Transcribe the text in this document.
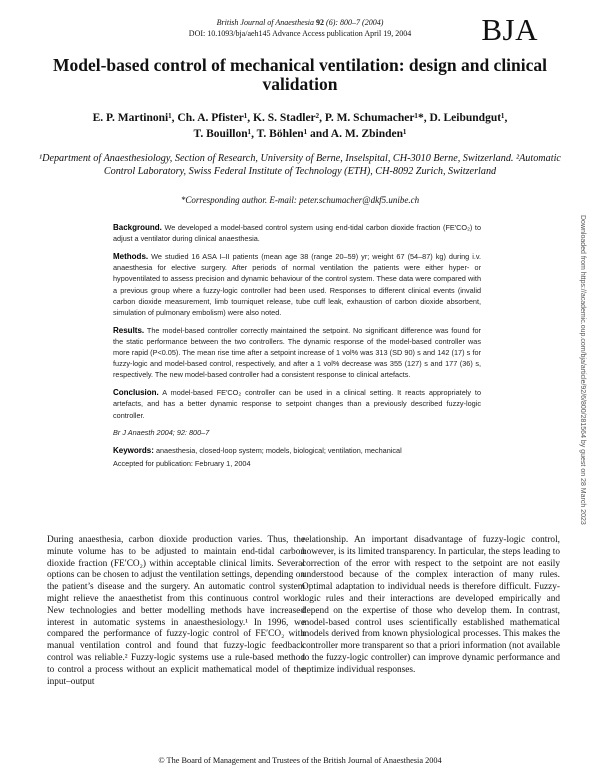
British Journal of Anaesthesia 92 (6): 800–7 (2004)
DOI: 10.1093/bja/aeh145 Advance Access publication April 19, 2004	BJA
Model-based control of mechanical ventilation: design and clinical validation
E. P. Martinoni¹, Ch. A. Pfister¹, K. S. Stadler², P. M. Schumacher¹*, D. Leibundgut¹,
T. Bouillon¹, T. Böhlen¹ and A. M. Zbinden¹
¹Department of Anaesthesiology, Section of Research, University of Berne, Inselspital, CH-3010 Berne, Switzerland. ²Automatic Control Laboratory, Swiss Federal Institute of Technology (ETH), CH-8092 Zurich, Switzerland
*Corresponding author. E-mail: peter.schumacher@dkf5.unibe.ch

Background. We developed a model-based control system using end-tidal carbon dioxide fraction (FE′CO₂) to adjust a ventilator during clinical anaesthesia.

Methods. We studied 16 ASA I–II patients (mean age 38 (range 20–59) yr; weight 67 (54–87) kg) during i.v. anaesthesia for elective surgery. After periods of normal ventilation the patients were either hyper- or hypoventilated to assess precision and dynamic behaviour of the control system. These data were compared with a previous group where a fuzzy-logic controller had been used. Responses to different clinical events (invalid carbon dioxide measurement, limb tourniquet release, tube cuff leak, exhaustion of carbon dioxide absorbent, simulation of pulmonary embolism) were also noted.

Results. The model-based controller correctly maintained the setpoint. No significant difference was found for the static performance between the two controllers. The dynamic response of the model-based controller was more rapid (P<0.05). The mean rise time after a setpoint increase of 1 vol% was 313 (SD 90) s and 142 (17) s for fuzzy-logic and model-based control, respectively, and after a 1 vol% decrease was 355 (127) s and 177 (36) s, respectively. The new model-based controller had a consistent response to clinical artefacts.

Conclusion. A model-based FE′CO₂ controller can be used in a clinical setting. It reacts appropriately to artefacts, and has a better dynamic response to setpoint changes than a previously described fuzzy-logic controller.

Br J Anaesth 2004; 92: 800–7

Keywords: anaesthesia, closed-loop system; models, biological; ventilation, mechanical

Accepted for publication: February 1, 2004	Downloaded from https://academic.oup.com/bja/article/92/6/800/281564 by guest on 28 March 2023

During anaesthesia, carbon dioxide production varies. Thus, the minute volume has to be adjusted to maintain end-tidal carbon dioxide fraction (FE′CO₂) within acceptable clinical limits. Several options can be chosen to adjust the ventilation settings, depending on the patient’s disease and the surgery. An automatic control system might relieve the anaesthetist from this continuous control work. New technologies and better modelling methods have increased interest in automatic systems in anaesthesiology.¹ In 1996, we compared the performance of fuzzy-logic control of FE′CO₂ with manual ventilation control and found that fuzzy-logic feedback control was reliable.² Fuzzy-logic systems use a rule-based method to control a process without an explicit mathematical model of the input–output

relationship. An important disadvantage of fuzzy-logic control, however, is its limited transparency. In particular, the steps leading to correction of the error with respect to the setpoint are not easily understood because of the complex interaction of many rules. Optimal adaptation to individual needs is therefore difficult. Fuzzy-logic rules and their interactions are developed empirically and depend on the expertise of those who develop them. In contrast, model-based control uses scientifically established mathematical models derived from known physiological processes. This makes the controller more transparent so that a priori information (not available to the fuzzy-logic controller) can improve dynamic performance and optimize individual responses.

© The Board of Management and Trustees of the British Journal of Anaesthesia 2004
